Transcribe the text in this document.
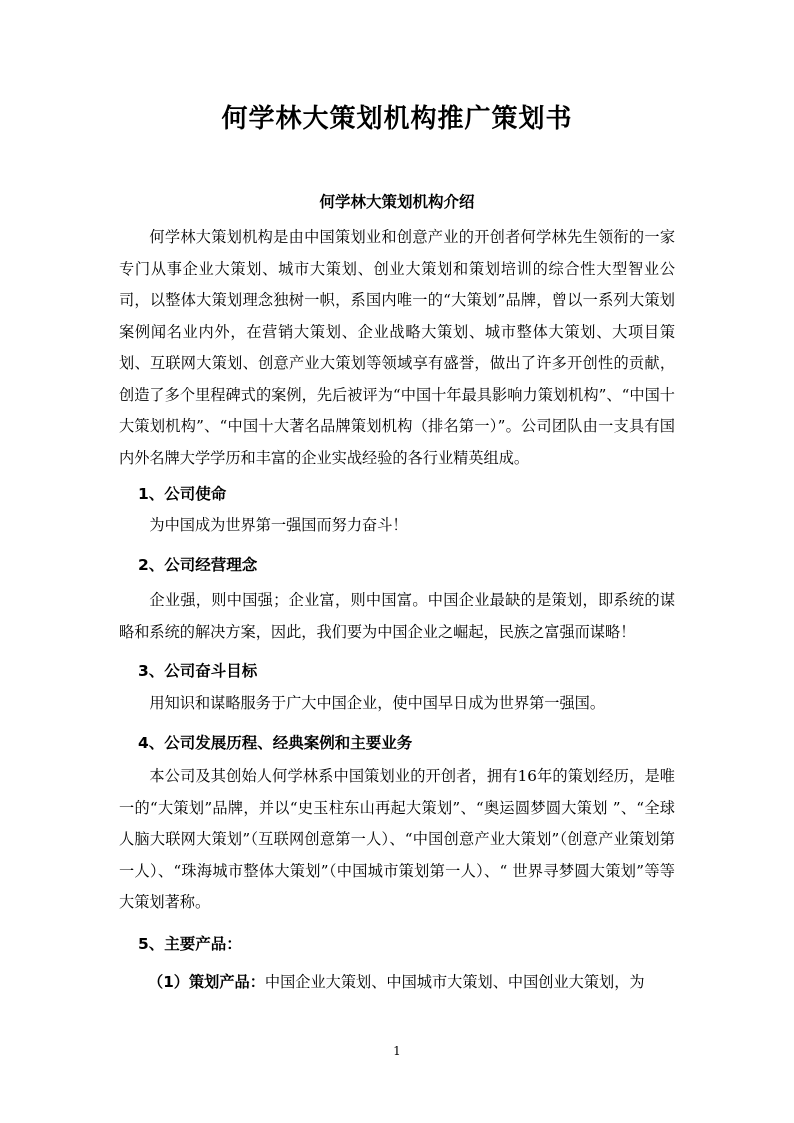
何学林大策划机构推广策划书
何学林大策划机构介绍
何学林大策划机构是由中国策划业和创意产业的开创者何学林先生领衔的一家专门从事企业大策划、城市大策划、创业大策划和策划培训的综合性大型智业公司，以整体大策划理念独树一帜，系国内唯一的“大策划”品牌，曾以一系列大策划案例闻名业内外，在营销大策划、企业战略大策划、城市整体大策划、大项目策划、互联网大策划、创意产业大策划等领域享有盛誉，做出了许多开创性的贡献，创造了多个里程碑式的案例，先后被评为“中国十年最具影响力策划机构”、“中国十大策划机构”、“中国十大著名品牌策划机构（排名第一）”。公司团队由一支具有国内外名牌大学学历和丰富的企业实战经验的各行业精英组成。
1、公司使命
为中国成为世界第一强国而努力奋斗！
2、公司经营理念
企业强，则中国强；企业富，则中国富。中国企业最缺的是策划，即系统的谋略和系统的解决方案，因此，我们要为中国企业之崛起，民族之富强而谋略！
3、公司奋斗目标
用知识和谋略服务于广大中国企业，使中国早日成为世界第一强国。
4、公司发展历程、经典案例和主要业务
本公司及其创始人何学林系中国策划业的开创者，拥有16年的策划经历，是唯一的“大策划”品牌，并以“史玉柱东山再起大策划”、“奥运圆梦圆大策划 ”、“全球人脑大联网大策划”（互联网创意第一人）、“中国创意产业大策划”（创意产业策划第一人）、“珠海城市整体大策划”（中国城市策划第一人）、“ 世界寻梦圆大策划”等等大策划著称。
5、主要产品：
（1）策划产品：中国企业大策划、中国城市大策划、中国创业大策划，为
1
